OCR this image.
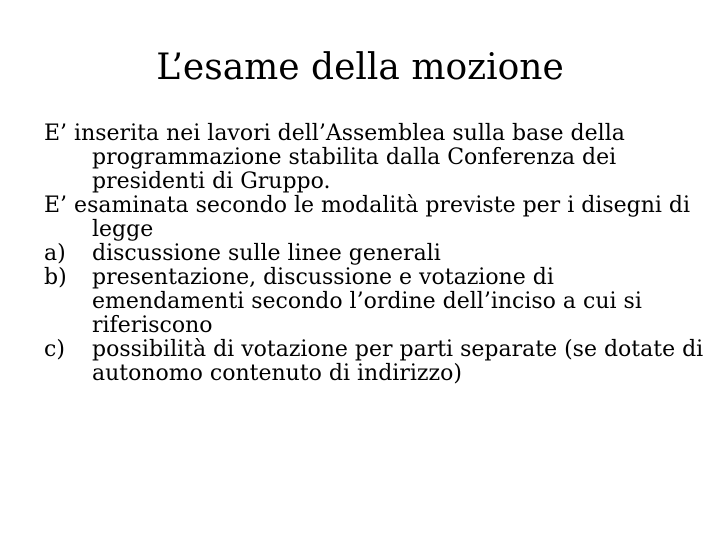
L’esame della mozione
E’ inserita nei lavori dell’Assemblea sulla base della programmazione stabilita dalla Conferenza dei presidenti di Gruppo.
E’ esaminata secondo le modalità previste per i disegni di legge
a)	discussione sulle linee generali
b)	presentazione, discussione e votazione di emendamenti secondo l’ordine dell’inciso a cui si riferiscono
c)	possibilità di votazione per parti separate (se dotate di autonomo contenuto di indirizzo)
